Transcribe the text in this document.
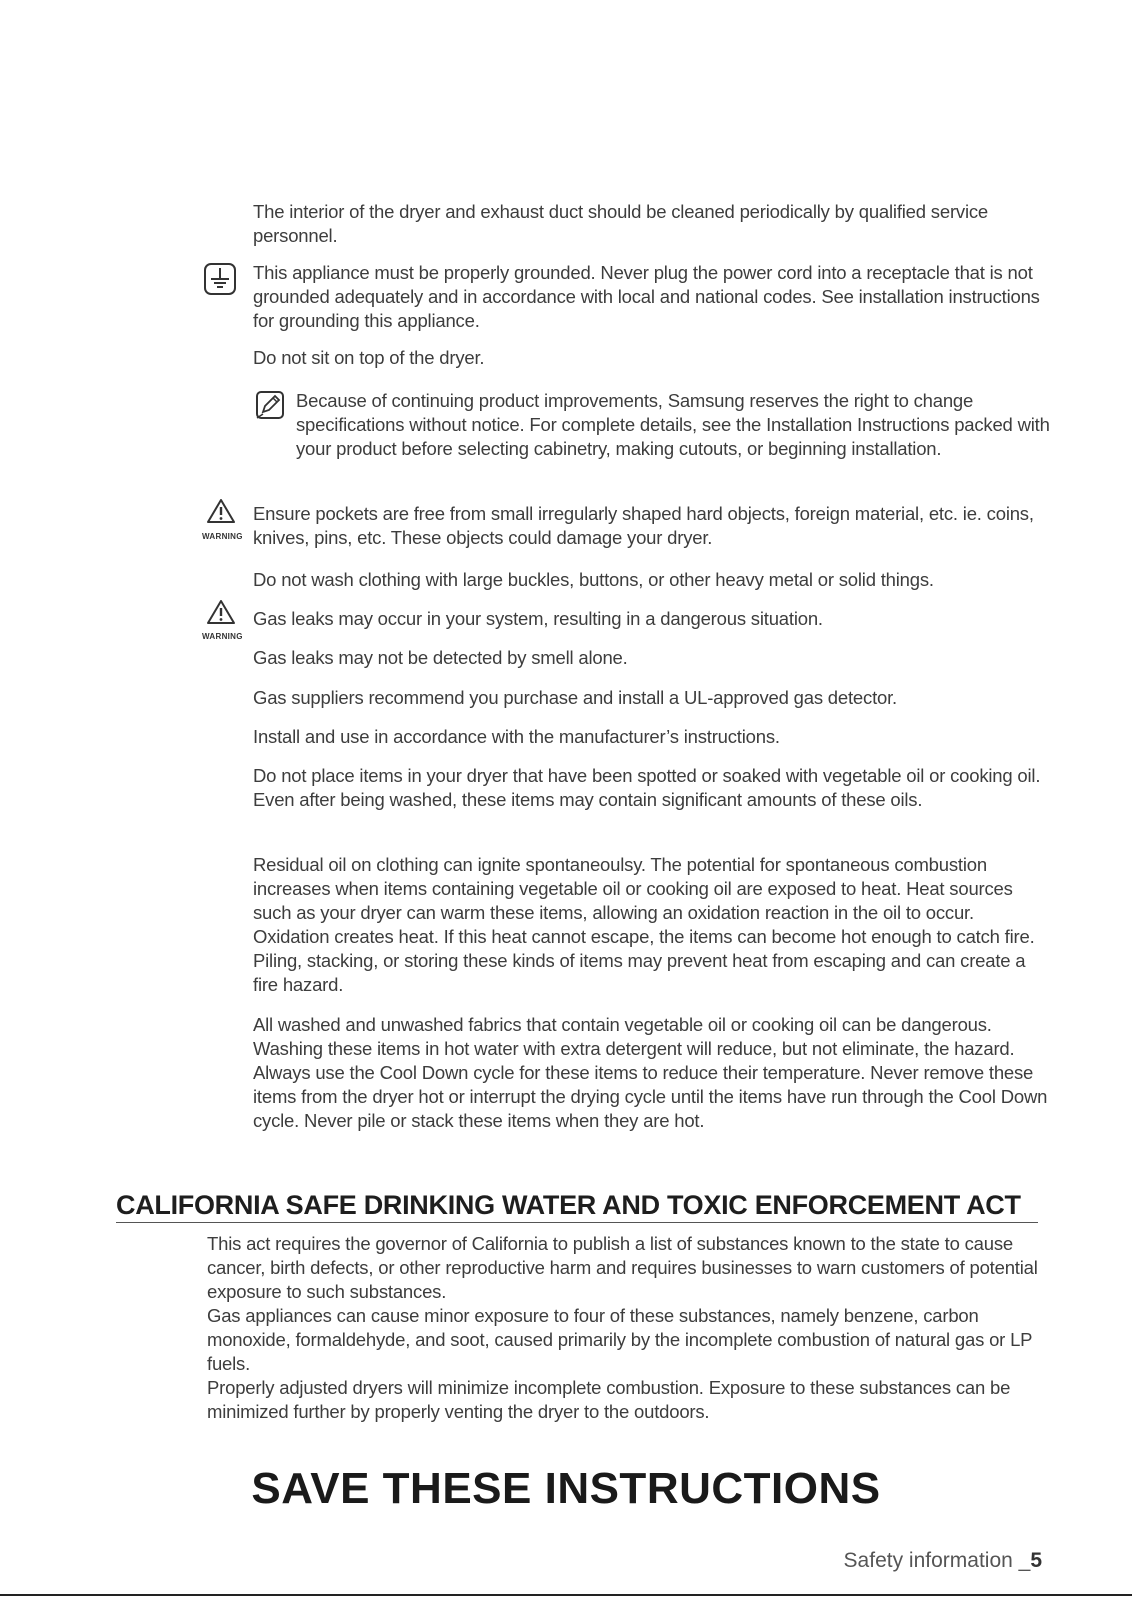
The interior of the dryer and exhaust duct should be cleaned periodically by qualified service personnel.

This appliance must be properly grounded. Never plug the power cord into a receptacle that is not grounded adequately and in accordance with local and national codes. See installation instructions for grounding this appliance.

Do not sit on top of the dryer.

Because of continuing product improvements, Samsung reserves the right to change specifications without notice. For complete details, see the Installation Instructions packed with your product before selecting cabinetry, making cutouts, or beginning installation.

WARNING

Ensure pockets are free from small irregularly shaped hard objects, foreign material, etc. ie. coins, knives, pins, etc. These objects could damage your dryer.

Do not wash clothing with large buckles, buttons, or other heavy metal or solid things.

WARNING

Gas leaks may occur in your system, resulting in a dangerous situation.

Gas leaks may not be detected by smell alone.

Gas suppliers recommend you purchase and install a UL-approved gas detector.

Install and use in accordance with the manufacturer’s instructions.

Do not place items in your dryer that have been spotted or soaked with vegetable oil or cooking oil. Even after being washed, these items may contain significant amounts of these oils.

Residual oil on clothing can ignite spontaneoulsy. The potential for spontaneous combustion increases when items containing vegetable oil or cooking oil are exposed to heat. Heat sources such as your dryer can warm these items, allowing an oxidation reaction in the oil to occur. Oxidation creates heat. If this heat cannot escape, the items can become hot enough to catch fire. Piling, stacking, or storing these kinds of items may prevent heat from escaping and can create a fire hazard.

All washed and unwashed fabrics that contain vegetable oil or cooking oil can be dangerous. Washing these items in hot water with extra detergent will reduce, but not eliminate, the hazard. Always use the Cool Down cycle for these items to reduce their temperature. Never remove these items from the dryer hot or interrupt the drying cycle until the items have run through the Cool Down cycle. Never pile or stack these items when they are hot.

CALIFORNIA SAFE DRINKING WATER AND TOXIC ENFORCEMENT ACT

This act requires the governor of California to publish a list of substances known to the state to cause cancer, birth defects, or other reproductive harm and requires businesses to warn customers of potential exposure to such substances.

Gas appliances can cause minor exposure to four of these substances, namely benzene, carbon monoxide, formaldehyde, and soot, caused primarily by the incomplete combustion of natural gas or LP fuels.

Properly adjusted dryers will minimize incomplete combustion. Exposure to these substances can be minimized further by properly venting the dryer to the outdoors.

SAVE THESE INSTRUCTIONS
Safety information _5
